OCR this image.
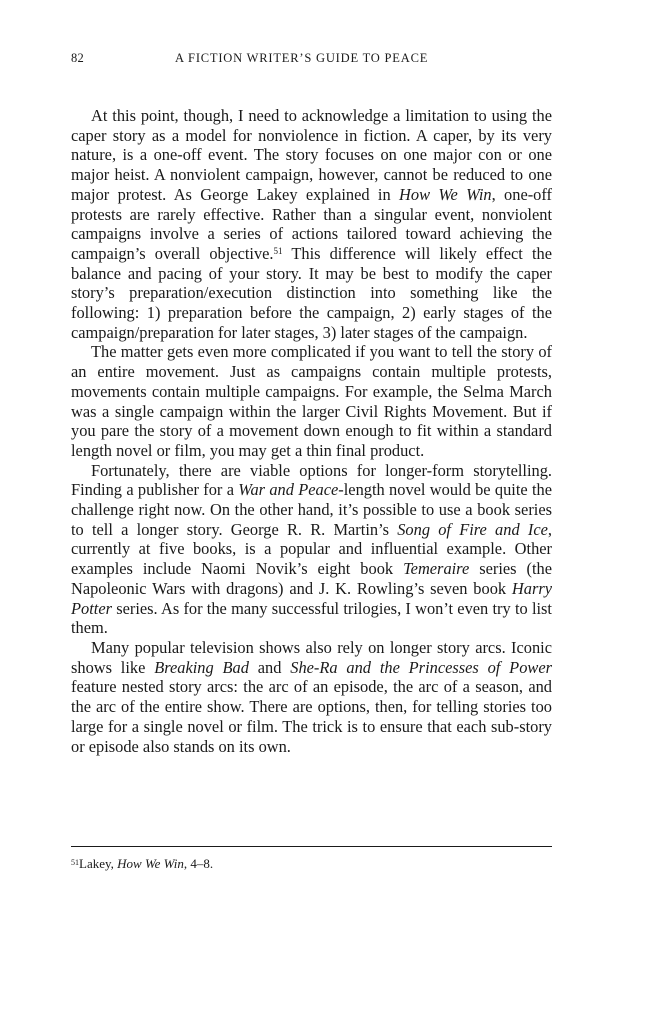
82	A FICTION WRITER’S GUIDE TO PEACE

At this point, though, I need to acknowledge a limitation to using the caper story as a model for nonviolence in fiction. A caper, by its very nature, is a one-off event. The story focuses on one major con or one major heist. A nonviolent campaign, however, cannot be reduced to one major protest. As George Lakey explained in How We Win, one-off protests are rarely effective. Rather than a singular event, nonviolent campaigns involve a series of actions tailored toward achieving the campaign’s overall objective.$^{51}$ This difference will likely effect the balance and pacing of your story. It may be best to modify the caper story’s preparation/execution distinction into something like the following: 1) preparation before the campaign, 2) early stages of the campaign/preparation for later stages, 3) later stages of the campaign.

The matter gets even more complicated if you want to tell the story of an entire movement. Just as campaigns contain multiple protests, movements contain multiple campaigns. For example, the Selma March was a single campaign within the larger Civil Rights Movement. But if you pare the story of a movement down enough to fit within a standard length novel or film, you may get a thin final product.

Fortunately, there are viable options for longer-form storytelling. Finding a publisher for a War and Peace-length novel would be quite the challenge right now. On the other hand, it’s possible to use a book series to tell a longer story. George R. R. Martin’s Song of Fire and Ice, currently at five books, is a popular and influential example. Other examples include Naomi Novik’s eight book Temeraire series (the Napoleonic Wars with dragons) and J. K. Rowling’s seven book Harry Potter series. As for the many successful trilogies, I won’t even try to list them.

Many popular television shows also rely on longer story arcs. Iconic shows like Breaking Bad and She-Ra and the Princesses of Power feature nested story arcs: the arc of an episode, the arc of a season, and the arc of the entire show. There are options, then, for telling stories too large for a single novel or film. The trick is to ensure that each sub-story or episode also stands on its own.

$^{51}$Lakey, How We Win, 4–8.
